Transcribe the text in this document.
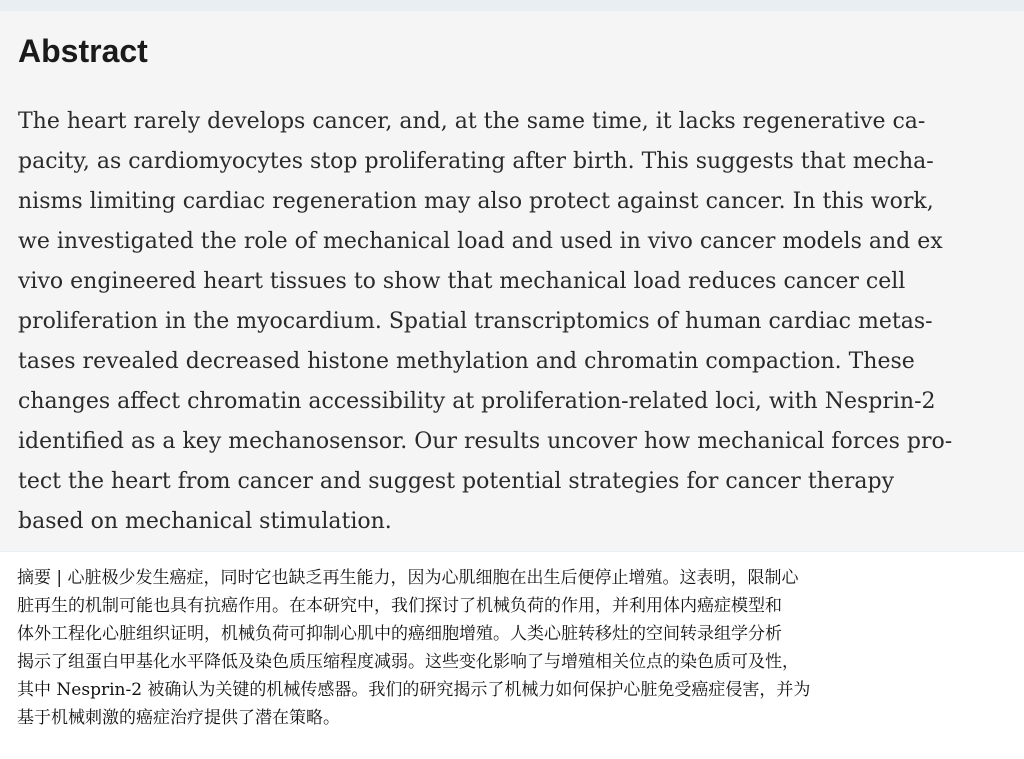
Abstract

The heart rarely develops cancer, and, at the same time, it lacks regenerative ca-
pacity, as cardiomyocytes stop proliferating after birth. This suggests that mecha-
nisms limiting cardiac regeneration may also protect against cancer. In this work,
we investigated the role of mechanical load and used in vivo cancer models and ex
vivo engineered heart tissues to show that mechanical load reduces cancer cell
proliferation in the myocardium. Spatial transcriptomics of human cardiac metas-
tases revealed decreased histone methylation and chromatin compaction. These
changes affect chromatin accessibility at proliferation-related loci, with Nesprin-2
identified as a key mechanosensor. Our results uncover how mechanical forces pro-
tect the heart from cancer and suggest potential strategies for cancer therapy
based on mechanical stimulation.

摘要 | 心脏极少发生癌症，同时它也缺乏再生能力，因为心肌细胞在出生后便停止增殖。这表明，限制心
脏再生的机制可能也具有抗癌作用。在本研究中，我们探讨了机械负荷的作用，并利用体内癌症模型和
体外工程化心脏组织证明，机械负荷可抑制心肌中的癌细胞增殖。人类心脏转移灶的空间转录组学分析
揭示了组蛋白甲基化水平降低及染色质压缩程度减弱。这些变化影响了与增殖相关位点的染色质可及性，
其中 Nesprin-2 被确认为关键的机械传感器。我们的研究揭示了机械力如何保护心脏免受癌症侵害，并为
基于机械刺激的癌症治疗提供了潜在策略。
